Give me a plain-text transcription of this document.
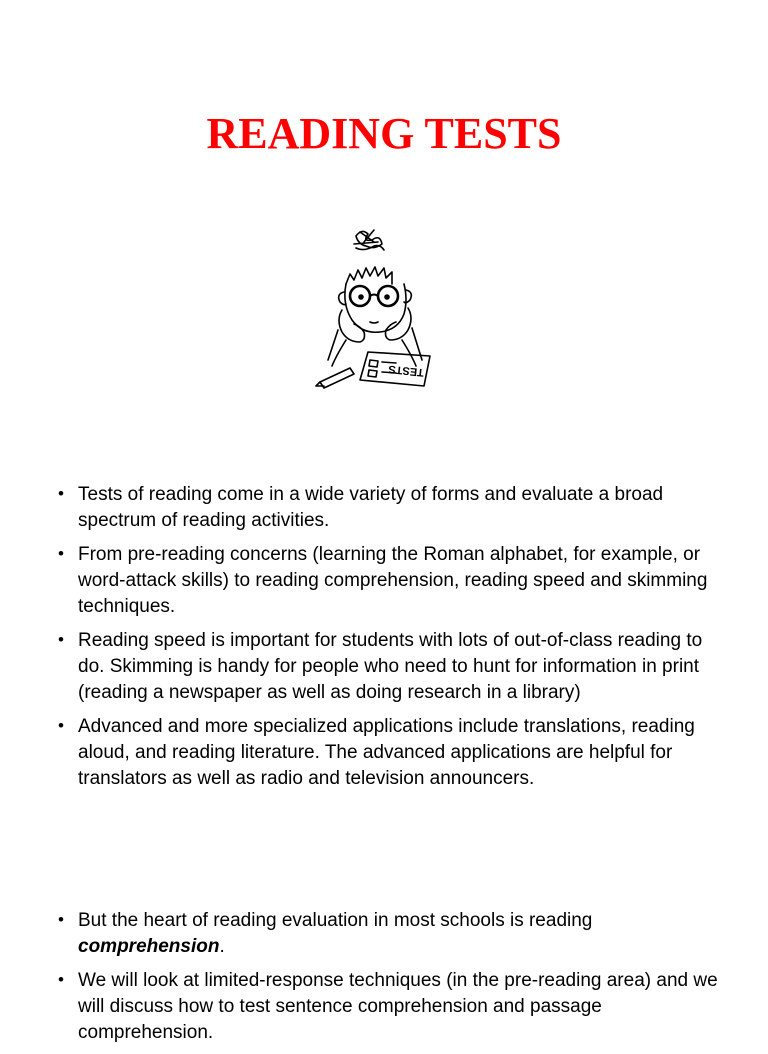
READING TESTS
TESTS
• Tests of reading come in a wide variety of forms and evaluate a broad spectrum of reading activities.
• From pre-reading concerns (learning the Roman alphabet, for example, or word-attack skills) to reading comprehension, reading speed and skimming techniques.
• Reading speed is important for students with lots of out-of-class reading to do. Skimming is handy for people who need to hunt for information in print (reading a newspaper as well as doing research in a library)
• Advanced and more specialized applications include translations, reading aloud, and reading literature. The advanced applications are helpful for translators as well as radio and television announcers.
• But the heart of reading evaluation in most schools is reading comprehension.
• We will look at limited-response techniques (in the pre-reading area) and we will discuss how to test sentence comprehension and passage comprehension.
